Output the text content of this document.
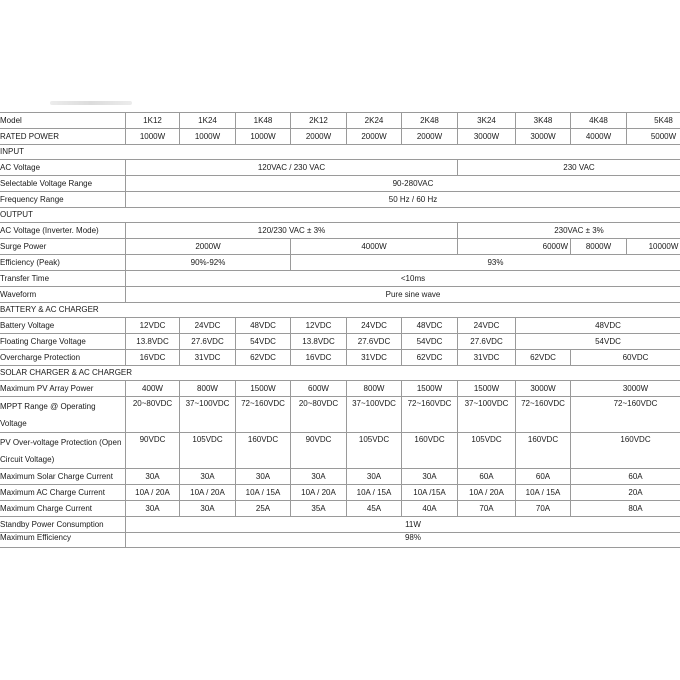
Model	1K12	1K24	1K48	2K12	2K24	2K48	3K24	3K48	4K48	5K48
RATED POWER	1000W	1000W	1000W	2000W	2000W	2000W	3000W	3000W	4000W	5000W
INPUT										
AC Voltage	120VAC / 230 VAC						230 VAC			
Selectable Voltage Range	90-280VAC									
Frequency Range	50 Hz / 60 Hz									
OUTPUT										
AC Voltage (Inverter. Mode)	120/230 VAC ± 3%						230VAC ± 3%			
Surge Power	2000W			4000W			6000W		8000W	10000W
Efficiency (Peak)	90%-92%			93%						
Transfer Time	<10ms									
Waveform	Pure sine wave									
BATTERY & AC CHARGER										
Battery Voltage	12VDC	24VDC	48VDC	12VDC	24VDC	48VDC	24VDC	48VDC		
Floating Charge Voltage	13.8VDC	27.6VDC	54VDC	13.8VDC	27.6VDC	54VDC	27.6VDC	54VDC		
Overcharge Protection	16VDC	31VDC	62VDC	16VDC	31VDC	62VDC	31VDC	62VDC	60VDC	
SOLAR CHARGER & AC CHARGER										
Maximum PV Array Power	400W	800W	1500W	600W	800W	1500W	1500W	3000W	3000W	
MPPT Range @ Operating Voltage	20~80VDC	37~100VDC	72~160VDC	20~80VDC	37~100VDC	72~160VDC	37~100VDC	72~160VDC	72~160VDC	
PV Over-voltage Protection (Open Circuit Voltage)	90VDC	105VDC	160VDC	90VDC	105VDC	160VDC	105VDC	160VDC	160VDC	
Maximum Solar Charge Current	30A	30A	30A	30A	30A	30A	60A	60A	60A	
Maximum AC Charge Current	10A / 20A	10A / 20A	10A / 15A	10A / 20A	10A / 15A	10A /15A	10A / 20A	10A / 15A	20A	
Maximum Charge Current	30A	30A	25A	35A	45A	40A	70A	70A	80A	
Standby Power Consumption	11W									
Maximum Efficiency	98%									
